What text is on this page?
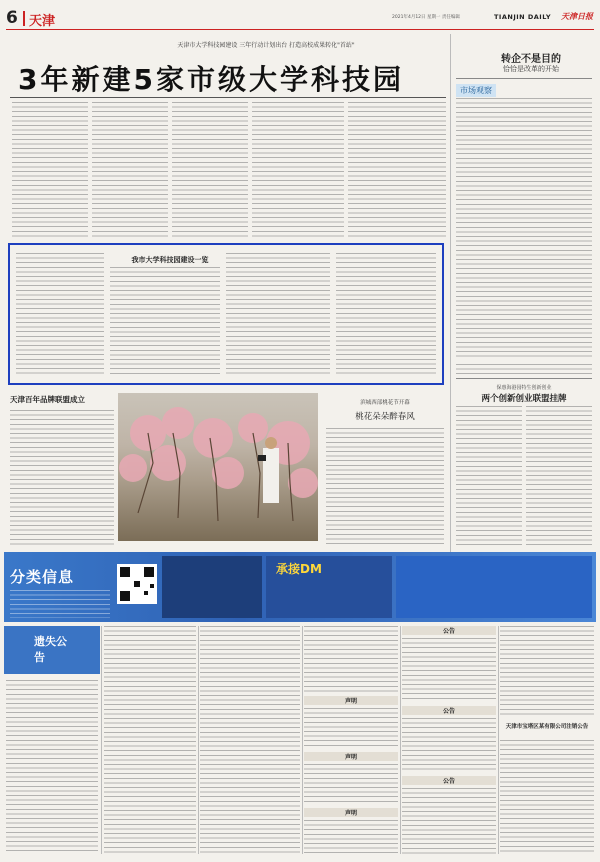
6 天津	2021年4月12日 星期一 责任编辑	TIANJIN DAILY 天津日报
天津市大学科技园建设 三年行动计划出台 打造高校成果转化"首站"
3年新建5家市级大学科技园
转企不是目的
恰恰是改革的开始
市场观察
保惠海港园特生创新创业
两个创新创业联盟挂牌
我市大学科技园建设一览
天津百年品牌联盟成立	滨城西部桃花节开幕
桃花朵朵醉春风
分类信息	承接DM
遗失公告
声明
声明
声明
公告
公告
公告
天津市宝塔区某有限公司注销公告
